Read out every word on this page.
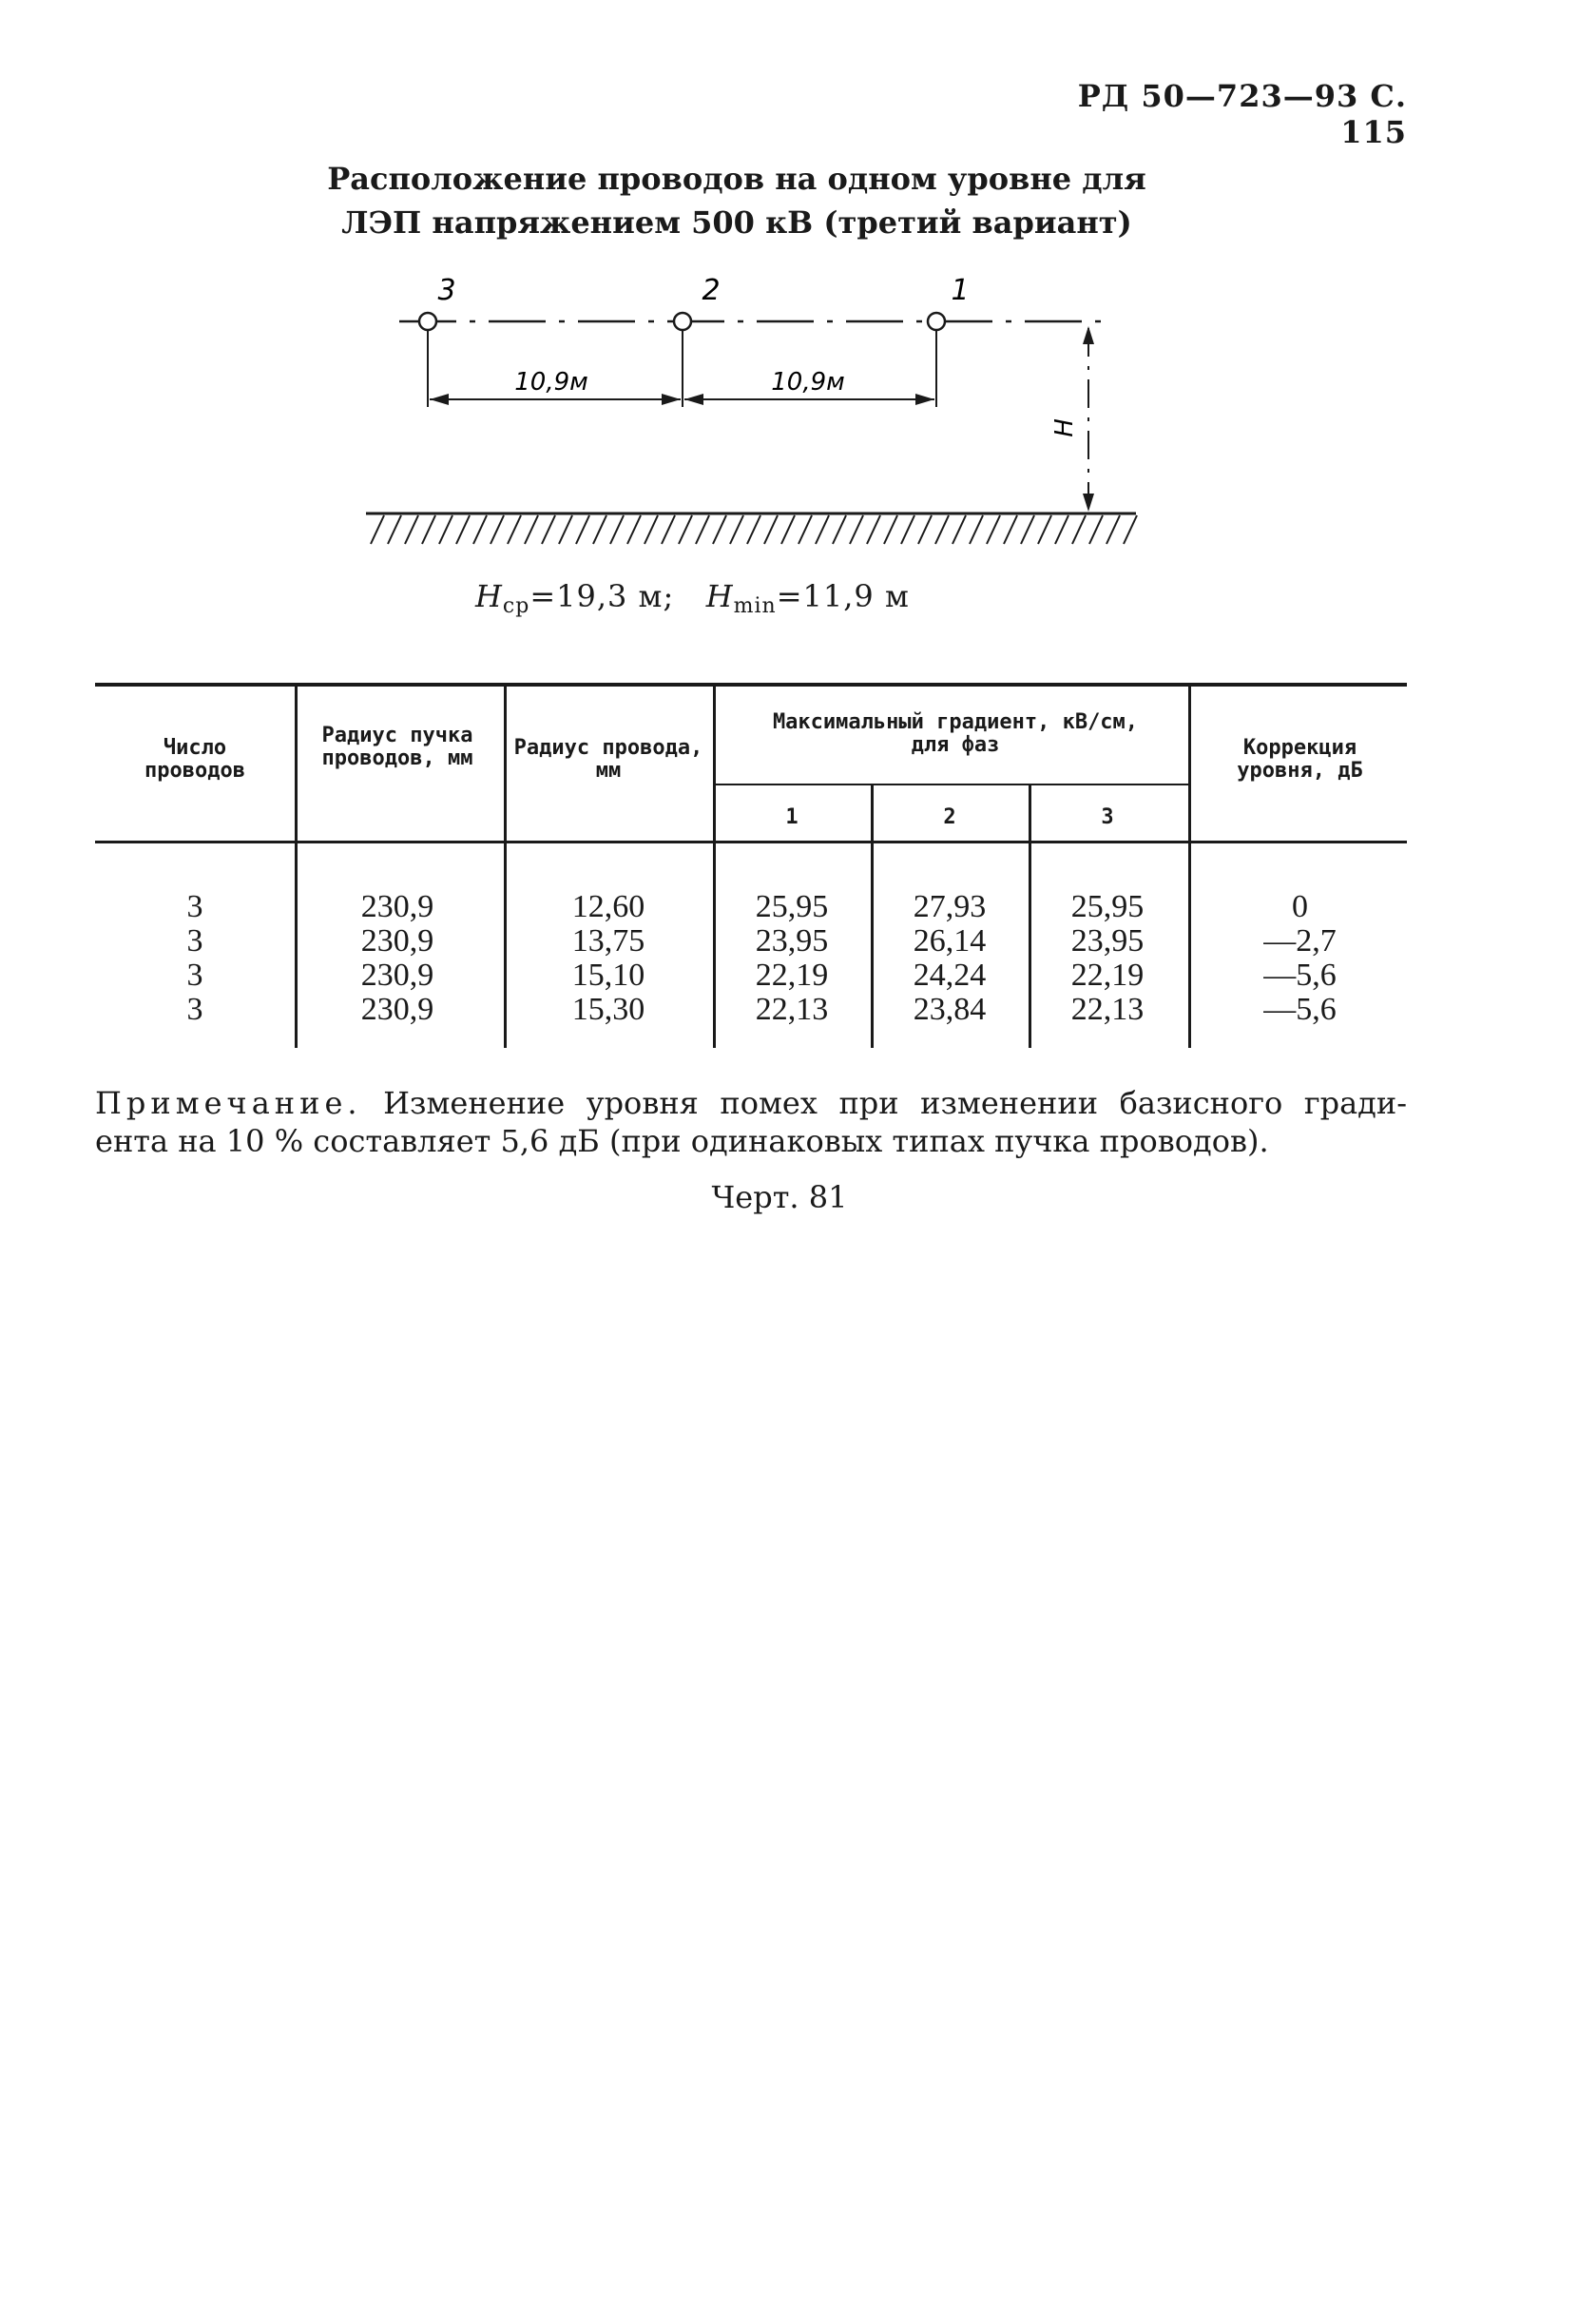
РД 50—723—93 С. 115
Расположение проводов на одном уровне для
ЛЭП напряжением 500 кВ (третий вариант)
3	2	1
10,9м	10,9м
H
$H_{ср}=19,3$ м; $H_{min}=11,9$ м
Число проводов
Радиус пучка проводов, мм	Радиус провода, мм
Максимальный градиент, кВ/см, для фаз
1	2	3
Коррекция уровня, дБ
3	230,9	12,60	25,95	27,93	25,95	0
3	230,9	13,75	23,95	26,14	23,95	—2,7
3	230,9	15,10	22,19	24,24	22,19	—5,6
3	230,9	15,30	22,13	23,84	22,13	—5,6
Примечание. Изменение уровня помех при изменении базисного гради-
ента на 10 % составляет 5,6 дБ (при одинаковых типах пучка проводов).
Черт. 81
